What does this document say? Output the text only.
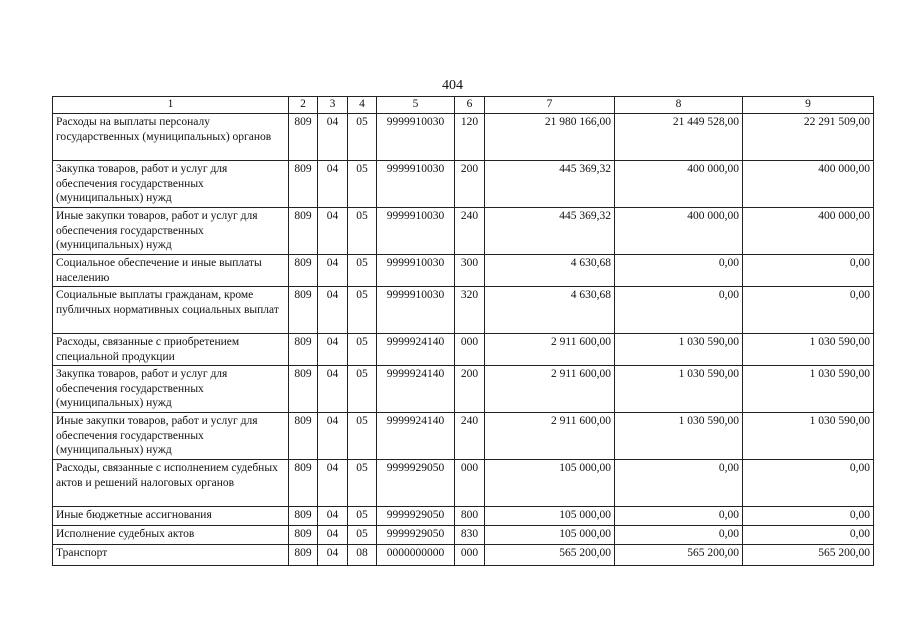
404
1	2	3	4	5	6	7	8	9
Расходы на выплаты персоналу государственных (муниципальных) органов	809	04	05	9999910030	120	21 980 166,00	21 449 528,00	22 291 509,00
Закупка товаров, работ и услуг для обеспечения государственных (муниципальных) нужд	809	04	05	9999910030	200	445 369,32	400 000,00	400 000,00
Иные закупки товаров, работ и услуг для обеспечения государственных (муниципальных) нужд	809	04	05	9999910030	240	445 369,32	400 000,00	400 000,00
Социальное обеспечение и иные выплаты населению	809	04	05	9999910030	300	4 630,68	0,00	0,00
Социальные выплаты гражданам, кроме публичных нормативных социальных выплат	809	04	05	9999910030	320	4 630,68	0,00	0,00
Расходы, связанные с приобретением специальной продукции	809	04	05	9999924140	000	2 911 600,00	1 030 590,00	1 030 590,00
Закупка товаров, работ и услуг для обеспечения государственных (муниципальных) нужд	809	04	05	9999924140	200	2 911 600,00	1 030 590,00	1 030 590,00
Иные закупки товаров, работ и услуг для обеспечения государственных (муниципальных) нужд	809	04	05	9999924140	240	2 911 600,00	1 030 590,00	1 030 590,00
Расходы, связанные с исполнением судебных актов и решений налоговых органов	809	04	05	9999929050	000	105 000,00	0,00	0,00
Иные бюджетные ассигнования	809	04	05	9999929050	800	105 000,00	0,00	0,00
Исполнение судебных актов	809	04	05	9999929050	830	105 000,00	0,00	0,00
Транспорт	809	04	08	0000000000	000	565 200,00	565 200,00	565 200,00
